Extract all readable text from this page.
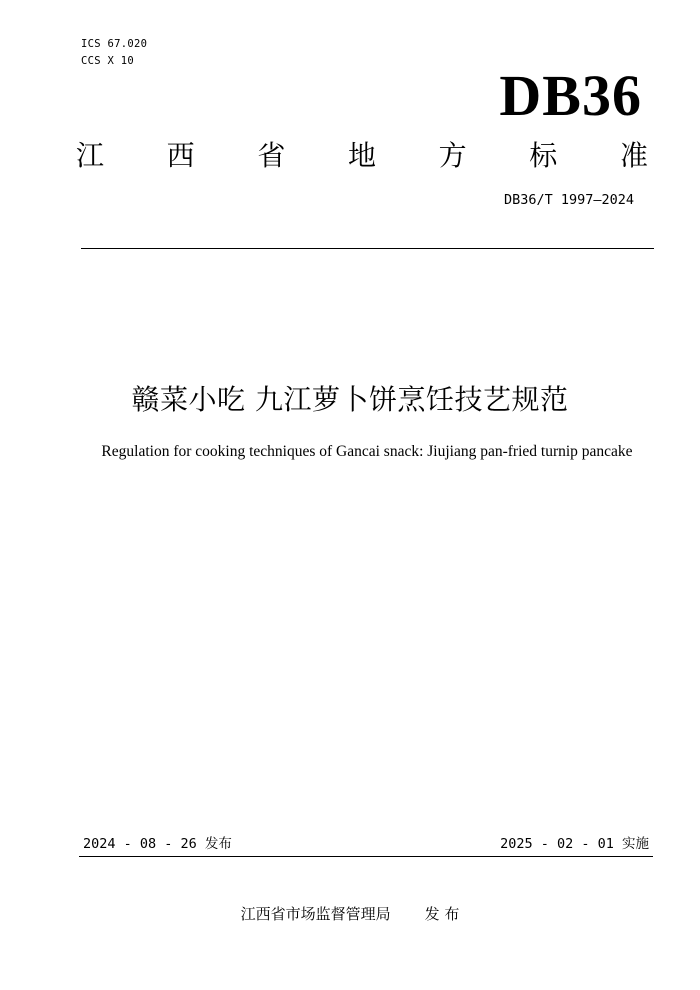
ICS 67.020
CCS X 10
DB36
江 西 省 地 方 标 准
DB36/T 1997—2024
赣菜小吃 九江萝卜饼烹饪技艺规范
Regulation for cooking techniques of Gancai snack: Jiujiang pan-fried turnip pancake
2024 - 08 - 26 发布	2025 - 02 - 01 实施
江西省市场监督管理局 发 布
